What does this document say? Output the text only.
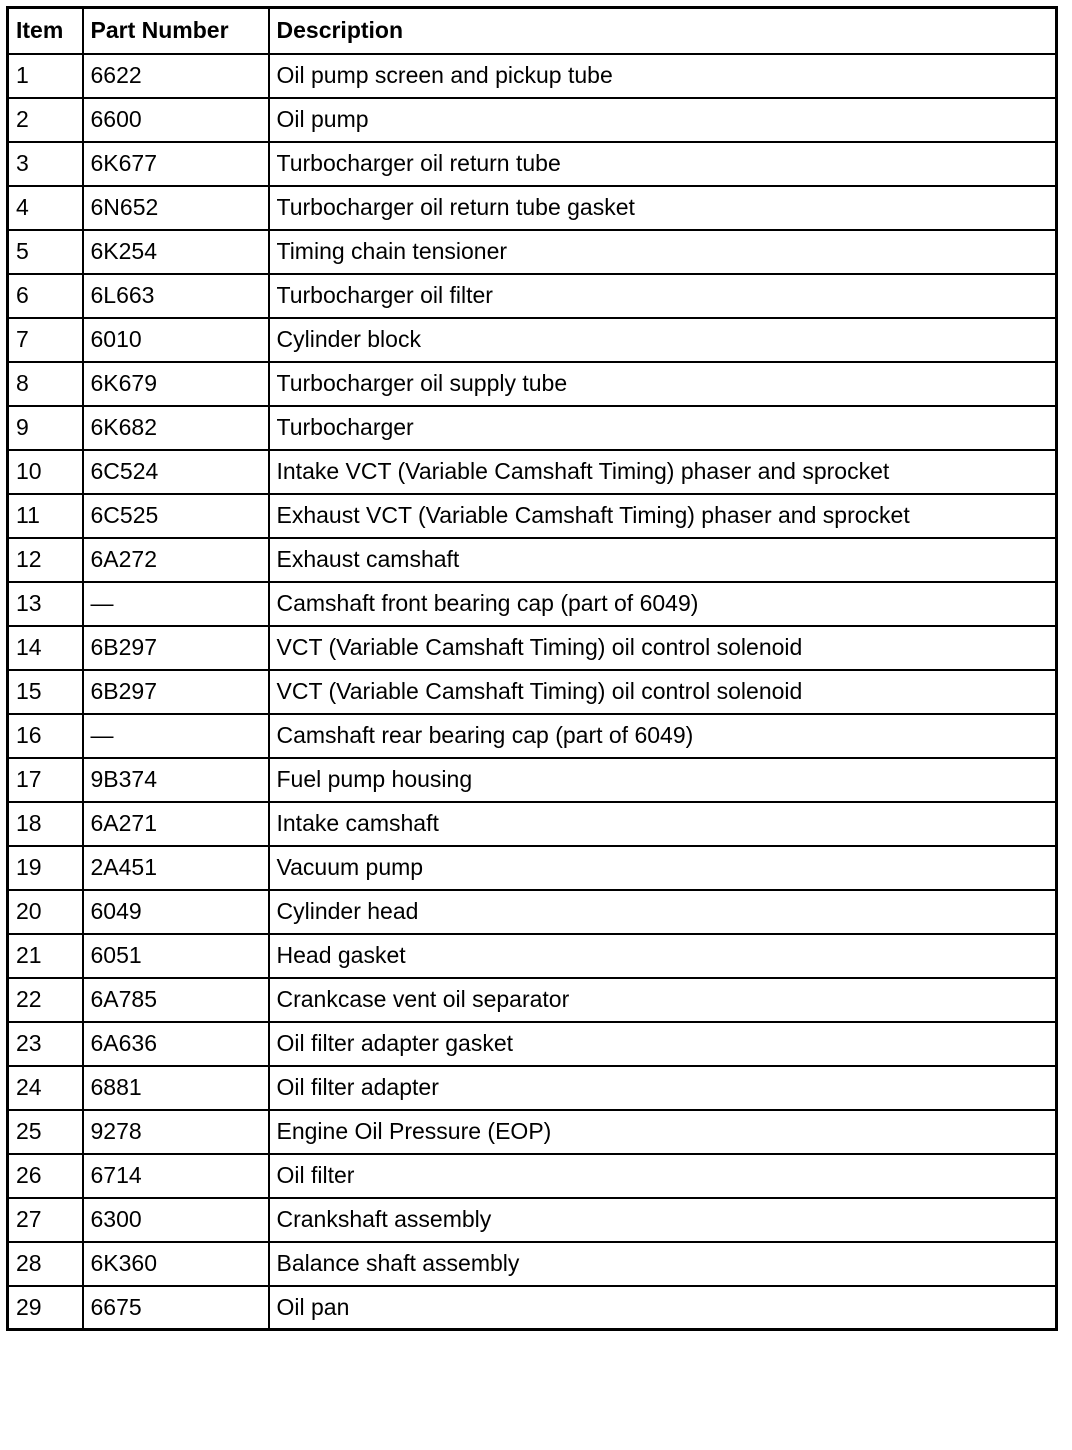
Item	Part Number	Description
1	6622	Oil pump screen and pickup tube
2	6600	Oil pump
3	6K677	Turbocharger oil return tube
4	6N652	Turbocharger oil return tube gasket
5	6K254	Timing chain tensioner
6	6L663	Turbocharger oil filter
7	6010	Cylinder block
8	6K679	Turbocharger oil supply tube
9	6K682	Turbocharger
10	6C524	Intake VCT (Variable Camshaft Timing) phaser and sprocket
11	6C525	Exhaust VCT (Variable Camshaft Timing) phaser and sprocket
12	6A272	Exhaust camshaft
13	—	Camshaft front bearing cap (part of 6049)
14	6B297	VCT (Variable Camshaft Timing) oil control solenoid
15	6B297	VCT (Variable Camshaft Timing) oil control solenoid
16	—	Camshaft rear bearing cap (part of 6049)
17	9B374	Fuel pump housing
18	6A271	Intake camshaft
19	2A451	Vacuum pump
20	6049	Cylinder head
21	6051	Head gasket
22	6A785	Crankcase vent oil separator
23	6A636	Oil filter adapter gasket
24	6881	Oil filter adapter
25	9278	Engine Oil Pressure (EOP)
26	6714	Oil filter
27	6300	Crankshaft assembly
28	6K360	Balance shaft assembly
29	6675	Oil pan
